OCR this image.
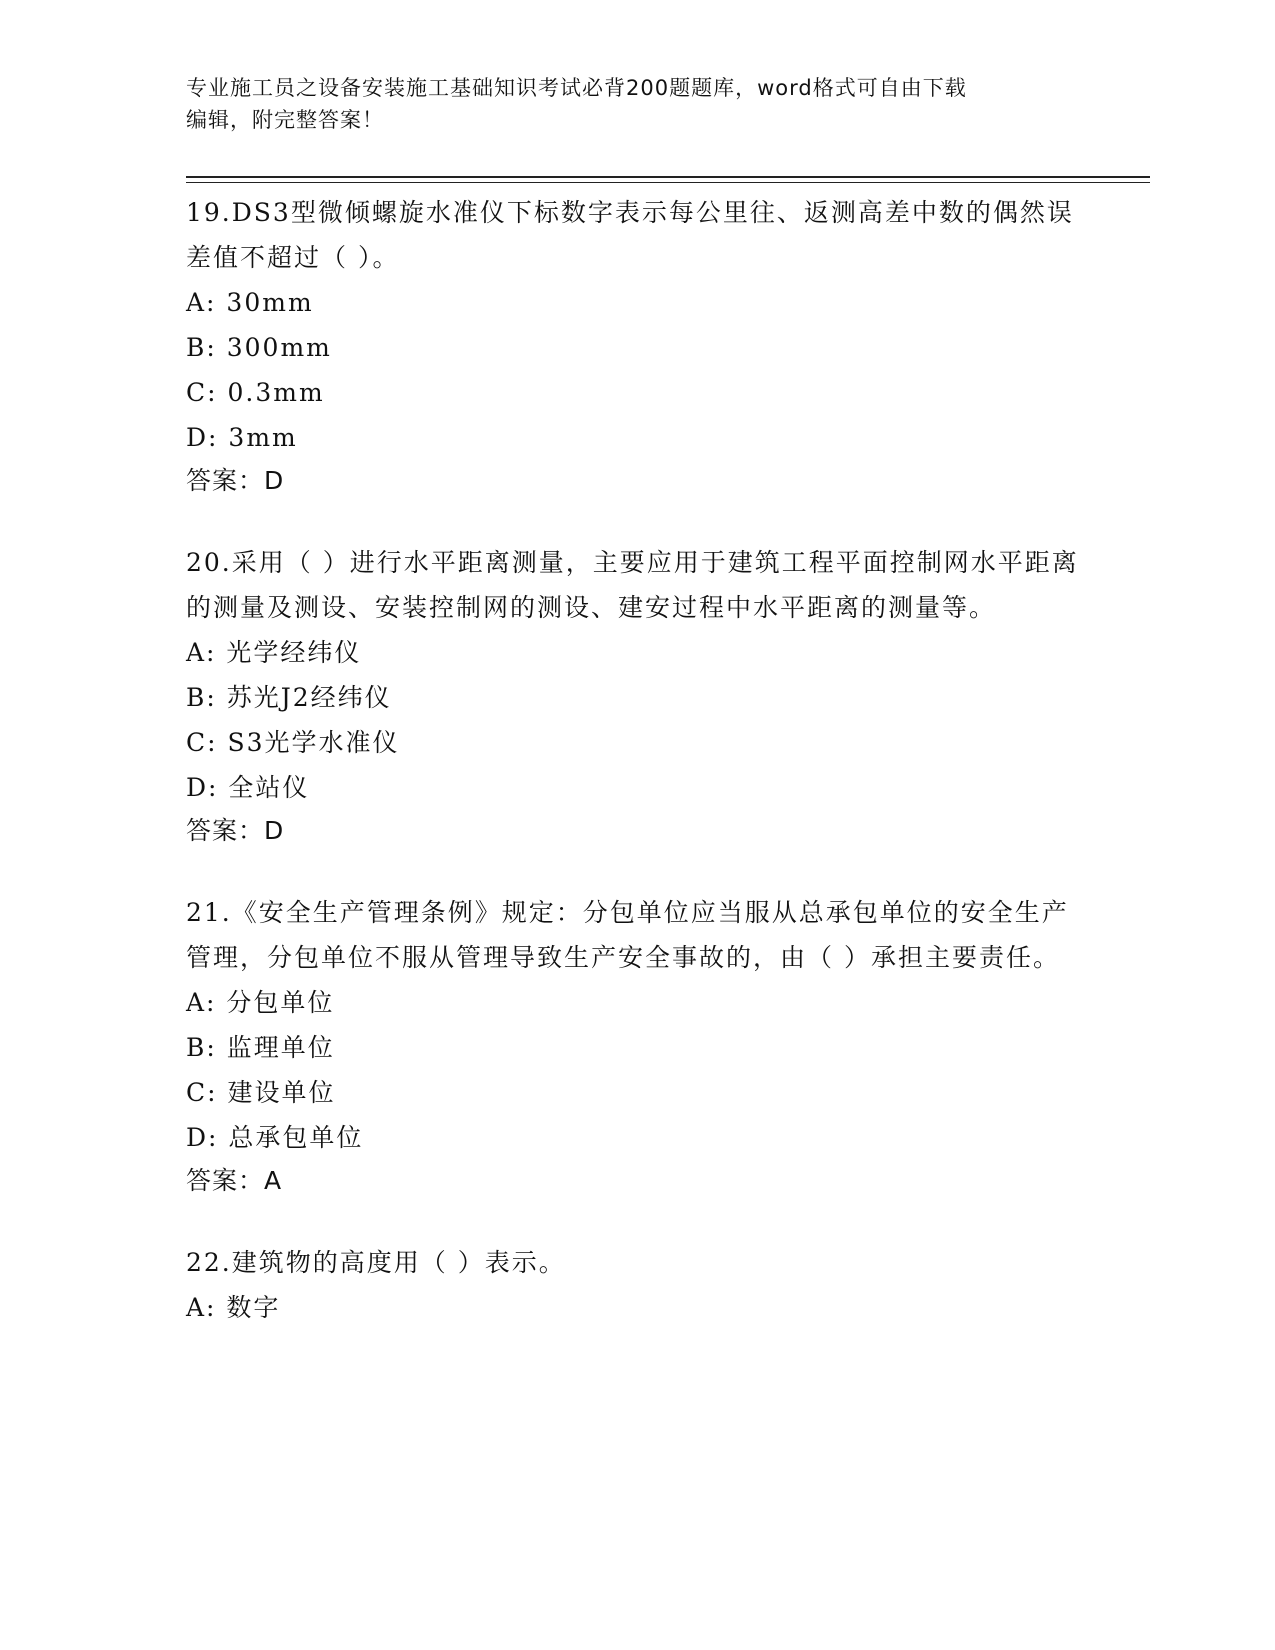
专业施工员之设备安装施工基础知识考试必背200题题库，word格式可自由下载
编辑，附完整答案！

19.DS3型微倾螺旋水准仪下标数字表示每公里往、返测高差中数的偶然误差值不超过（ ）。

A: 30mm

B: 300mm

C: 0.3mm

D: 3mm

答案：D

20.采用（ ）进行水平距离测量，主要应用于建筑工程平面控制网水平距离的测量及测设、安装控制网的测设、建安过程中水平距离的测量等。

A: 光学经纬仪

B: 苏光J2经纬仪

C: S3光学水准仪

D: 全站仪

答案：D

21.《安全生产管理条例》规定：分包单位应当服从总承包单位的安全生产管理，分包单位不服从管理导致生产安全事故的，由（ ）承担主要责任。

A: 分包单位

B: 监理单位

C: 建设单位

D: 总承包单位

答案：A

22.建筑物的高度用（ ）表示。

A: 数字
